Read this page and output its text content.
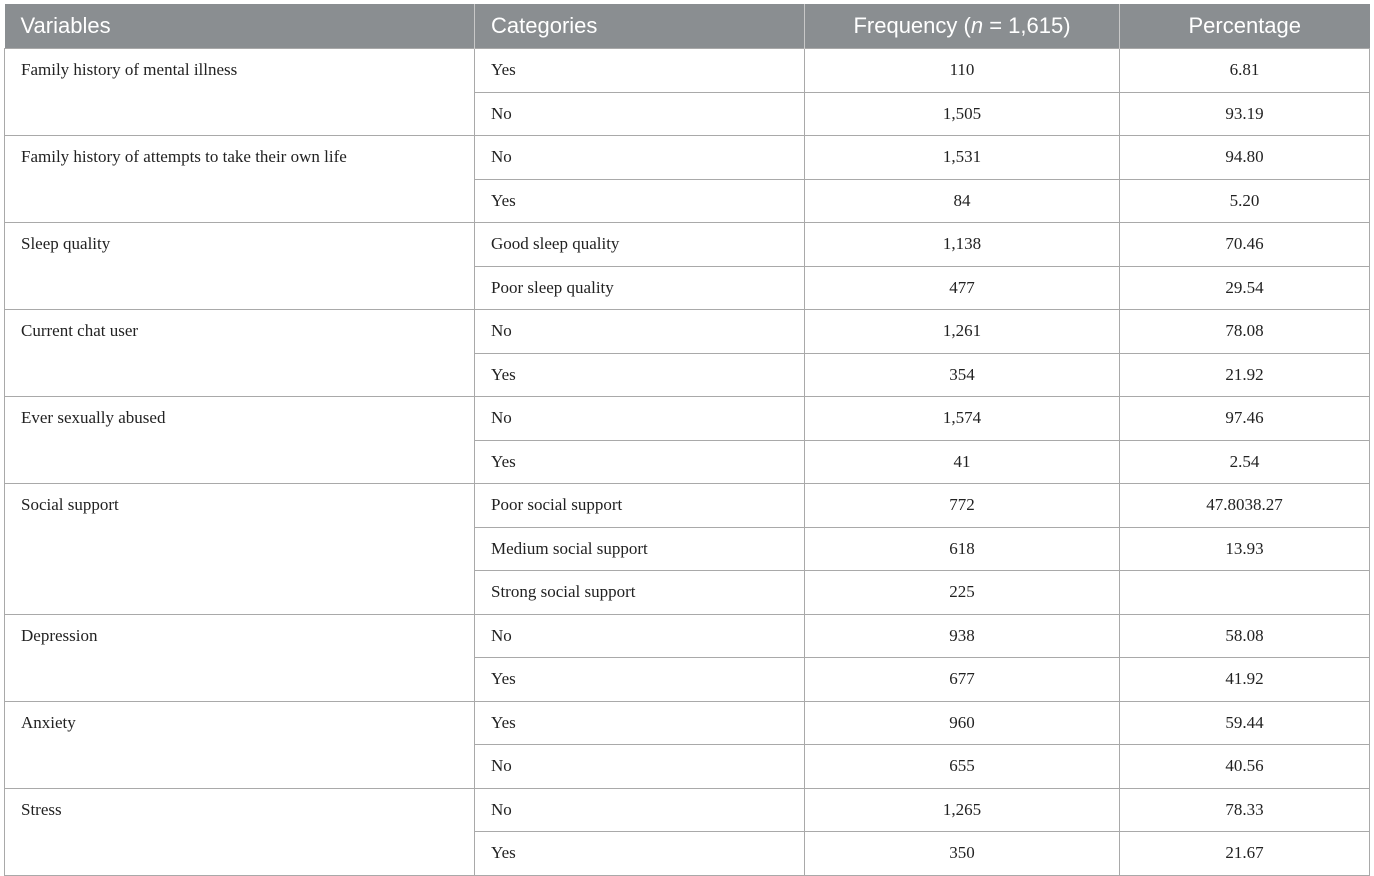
Variables	Categories	Frequency (n = 1,615)	Percentage
Family history of mental illness	Yes	110	6.81
	No	1,505	93.19
Family history of attempts to take their own life	No	1,531	94.80
	Yes	84	5.20
Sleep quality	Good sleep quality	1,138	70.46
	Poor sleep quality	477	29.54
Current chat user	No	1,261	78.08
	Yes	354	21.92
Ever sexually abused	No	1,574	97.46
	Yes	41	2.54
Social support	Poor social support	772	47.8038.27
	Medium social support	618	13.93
	Strong social support	225	
Depression	No	938	58.08
	Yes	677	41.92
Anxiety	Yes	960	59.44
	No	655	40.56
Stress	No	1,265	78.33
	Yes	350	21.67
